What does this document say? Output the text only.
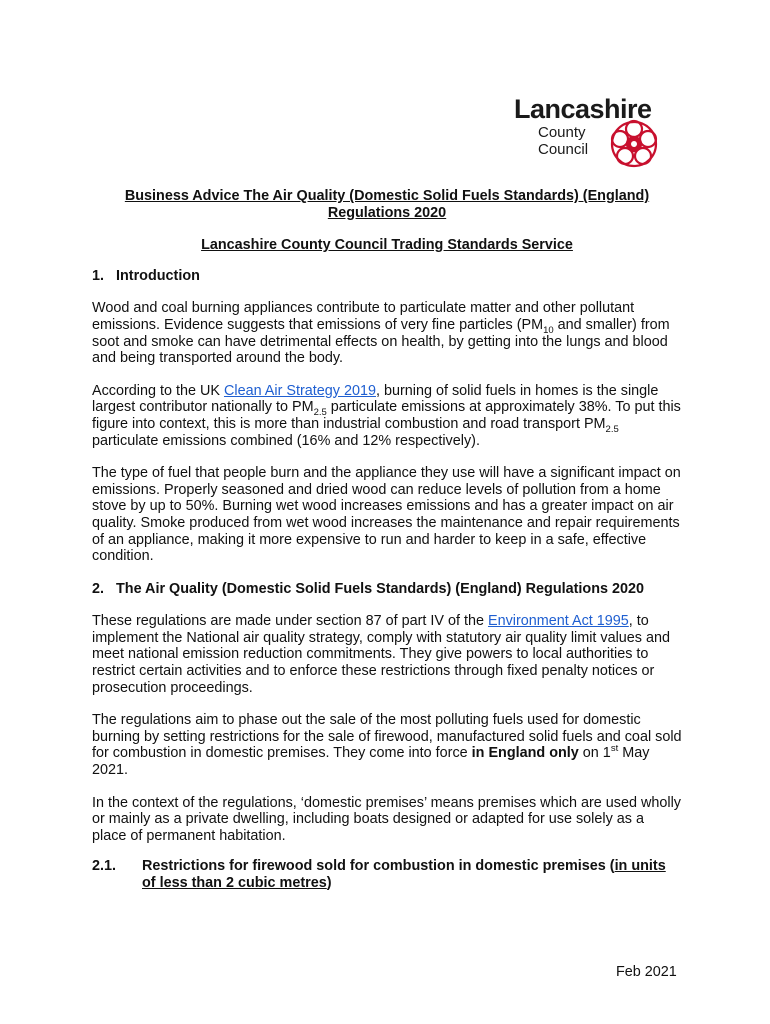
Lancashire
County
Council
Business Advice The Air Quality (Domestic Solid Fuels Standards) (England)
Regulations 2020
Lancashire County Council Trading Standards Service
1. Introduction

Wood and coal burning appliances contribute to particulate matter and other pollutant emissions. Evidence suggests that emissions of very fine particles ($PM_{10}$ and smaller) from soot and smoke can have detrimental effects on health, by getting into the lungs and blood and being transported around the body.

According to the UK Clean Air Strategy 2019, burning of solid fuels in homes is the single largest contributor nationally to $PM_{2.5}$ particulate emissions at approximately 38%. To put this figure into context, this is more than industrial combustion and road transport $PM_{2.5}$ particulate emissions combined (16% and 12% respectively).

The type of fuel that people burn and the appliance they use will have a significant impact on emissions. Properly seasoned and dried wood can reduce levels of pollution from a home stove by up to 50%. Burning wet wood increases emissions and has a greater impact on air quality. Smoke produced from wet wood increases the maintenance and repair requirements of an appliance, making it more expensive to run and harder to keep in a safe, effective condition.

2. The Air Quality (Domestic Solid Fuels Standards) (England) Regulations 2020

These regulations are made under section 87 of part IV of the Environment Act 1995, to implement the National air quality strategy, comply with statutory air quality limit values and meet national emission reduction commitments. They give powers to local authorities to restrict certain activities and to enforce these restrictions through fixed penalty notices or prosecution proceedings.

The regulations aim to phase out the sale of the most polluting fuels used for domestic burning by setting restrictions for the sale of firewood, manufactured solid fuels and coal sold for combustion in domestic premises. They come into force in England only on 1st May 2021.

In the context of the regulations, ‘domestic premises’ means premises which are used wholly or mainly as a private dwelling, including boats designed or adapted for use solely as a place of permanent habitation.

2.1.	Restrictions for firewood sold for combustion in domestic premises (in units of less than 2 cubic metres)
Feb 2021
